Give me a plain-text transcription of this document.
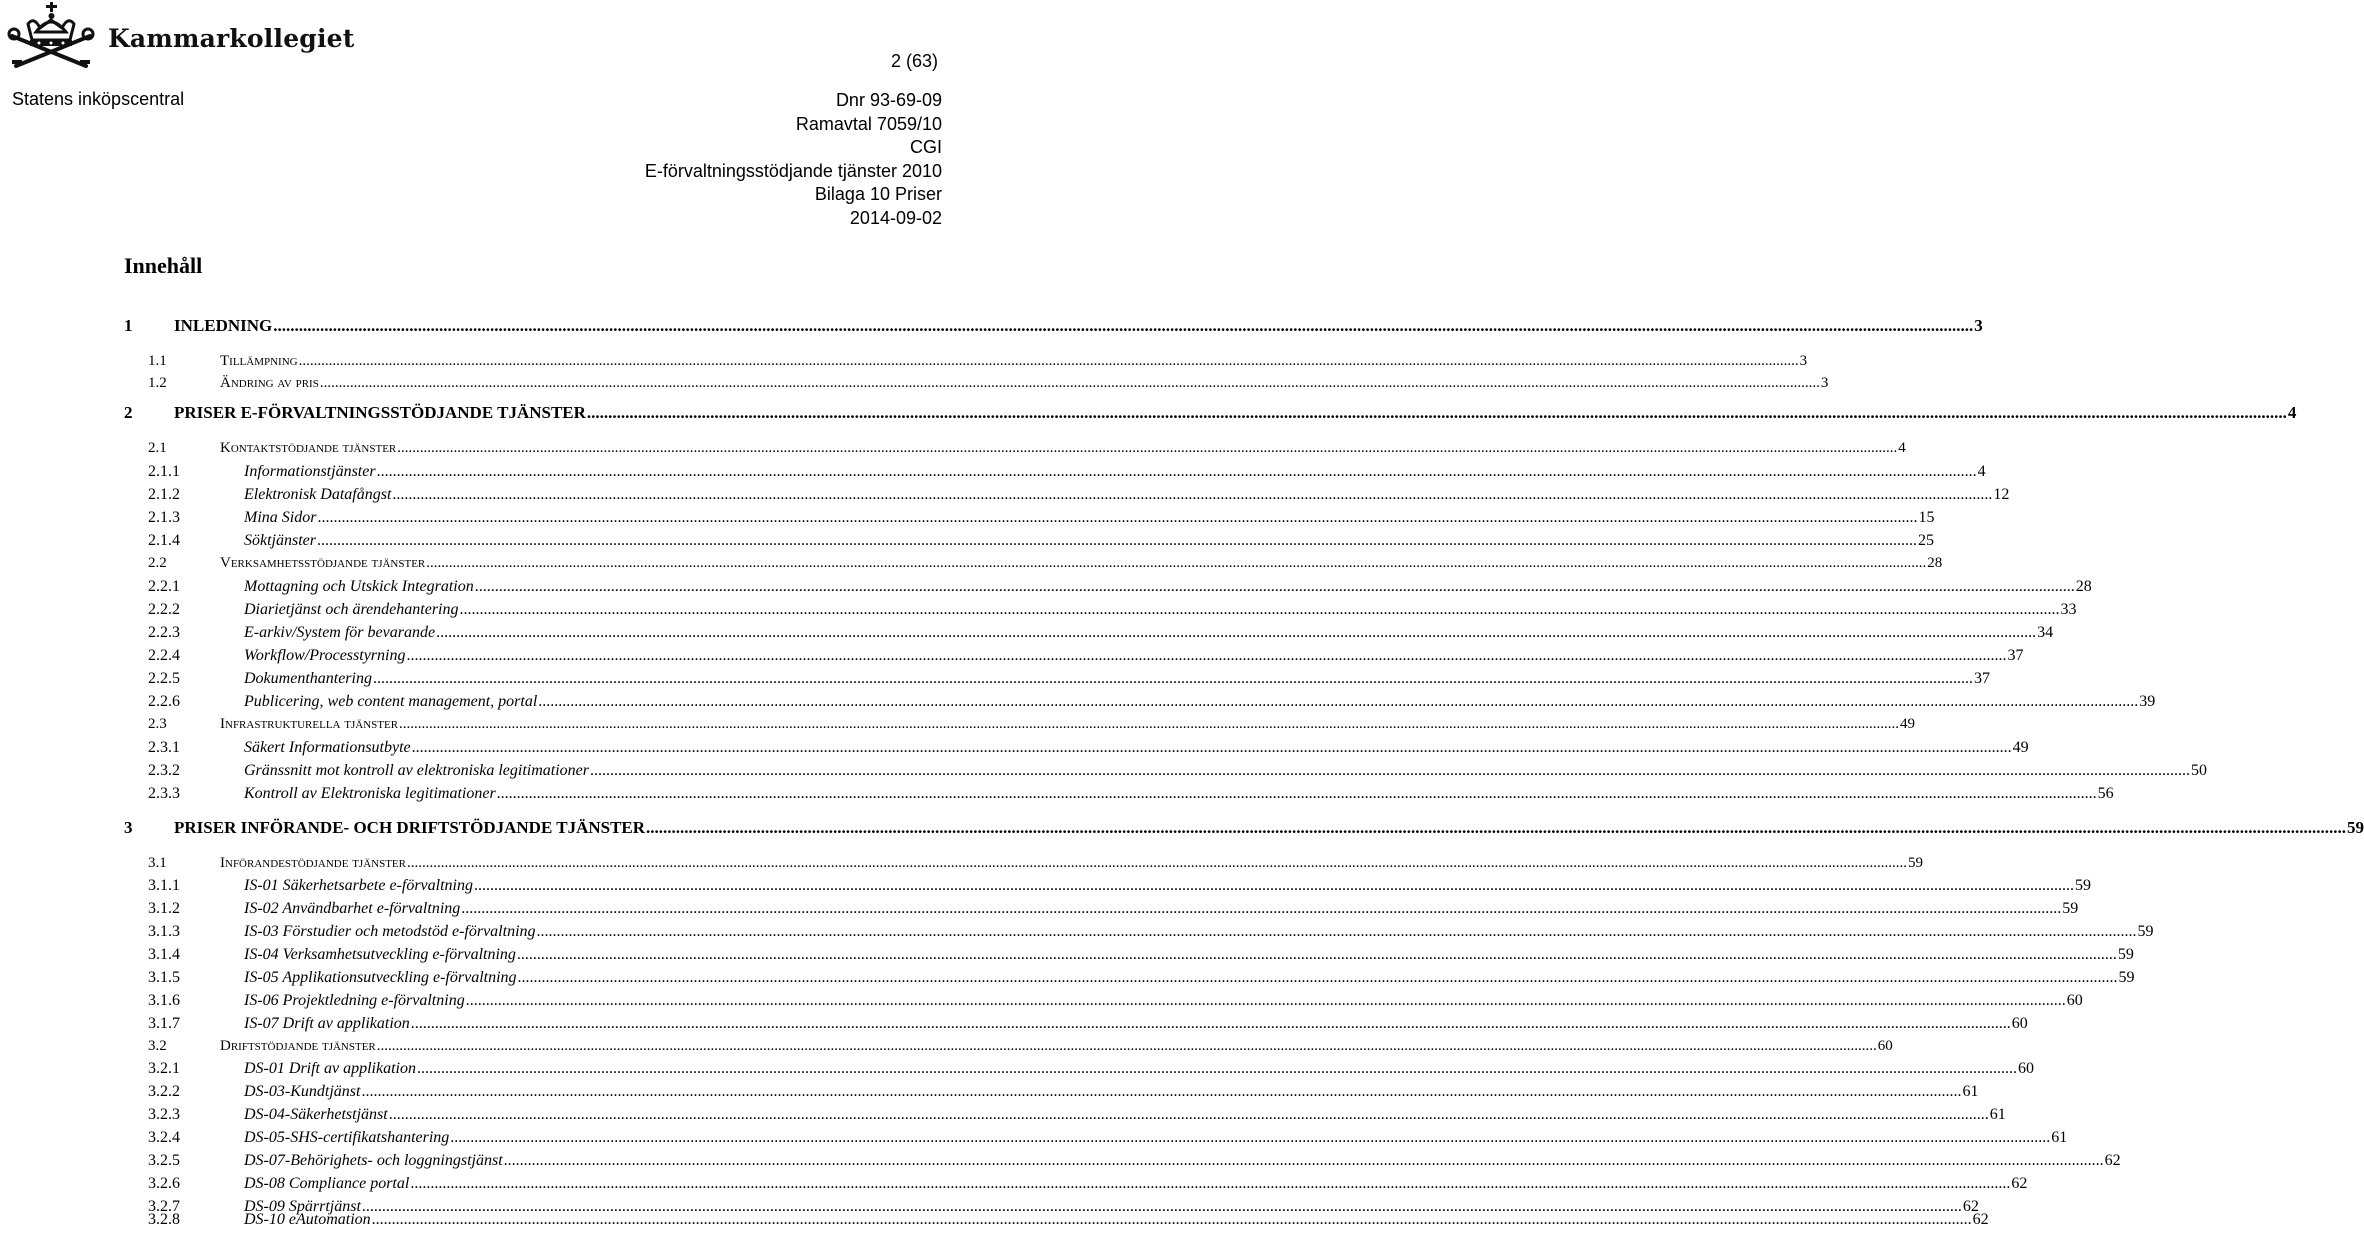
Kammarkollegiet
2 (63)
Statens inköpscentral	Dnr 93-69-09
Ramavtal 7059/10
CGI
E-förvaltningsstödjande tjänster 2010
Bilaga 10 Priser
2014-09-02
Innehåll
1	INLEDNING ................................................................................................................................................................................................................................................................................................................................................................................................................ 3
1.1	Tillämpning ................................................................................................................................................................................................................................................................................................................................................................................................................ 3
1.2	Ändring av pris ................................................................................................................................................................................................................................................................................................................................................................................................................ 3
2	PRISER E-FÖRVALTNINGSSTÖDJANDE TJÄNSTER ................................................................................................................................................................................................................................................................................................................................................................................................................ 4
2.1	Kontaktstödjande tjänster ................................................................................................................................................................................................................................................................................................................................................................................................................ 4
2.1.1	Informationstjänster ................................................................................................................................................................................................................................................................................................................................................................................................................ 4
2.1.2	Elektronisk Datafångst ................................................................................................................................................................................................................................................................................................................................................................................................................ 12
2.1.3	Mina Sidor ................................................................................................................................................................................................................................................................................................................................................................................................................ 15
2.1.4	Söktjänster ................................................................................................................................................................................................................................................................................................................................................................................................................ 25
2.2	Verksamhetsstödjande tjänster ................................................................................................................................................................................................................................................................................................................................................................................................................ 28
2.2.1	Mottagning och Utskick Integration ................................................................................................................................................................................................................................................................................................................................................................................................................ 28
2.2.2	Diarietjänst och ärendehantering ................................................................................................................................................................................................................................................................................................................................................................................................................ 33
2.2.3	E-arkiv/System för bevarande ................................................................................................................................................................................................................................................................................................................................................................................................................ 34
2.2.4	Workflow/Processtyrning ................................................................................................................................................................................................................................................................................................................................................................................................................ 37
2.2.5	Dokumenthantering ................................................................................................................................................................................................................................................................................................................................................................................................................ 37
2.2.6	Publicering, web content management, portal ................................................................................................................................................................................................................................................................................................................................................................................................................ 39
2.3	Infrastrukturella tjänster ................................................................................................................................................................................................................................................................................................................................................................................................................ 49
2.3.1	Säkert Informationsutbyte ................................................................................................................................................................................................................................................................................................................................................................................................................ 49
2.3.2	Gränssnitt mot kontroll av elektroniska legitimationer ................................................................................................................................................................................................................................................................................................................................................................................................................ 50
2.3.3	Kontroll av Elektroniska legitimationer ................................................................................................................................................................................................................................................................................................................................................................................................................ 56
3	PRISER INFÖRANDE- OCH DRIFTSTÖDJANDE TJÄNSTER ................................................................................................................................................................................................................................................................................................................................................................................................................ 59
3.1	Införandestödjande tjänster ................................................................................................................................................................................................................................................................................................................................................................................................................ 59
3.1.1	IS-01 Säkerhetsarbete e-förvaltning ................................................................................................................................................................................................................................................................................................................................................................................................................ 59
3.1.2	IS-02 Användbarhet e-förvaltning ................................................................................................................................................................................................................................................................................................................................................................................................................ 59
3.1.3	IS-03 Förstudier och metodstöd e-förvaltning ................................................................................................................................................................................................................................................................................................................................................................................................................ 59
3.1.4	IS-04 Verksamhetsutveckling e-förvaltning ................................................................................................................................................................................................................................................................................................................................................................................................................ 59
3.1.5	IS-05 Applikationsutveckling e-förvaltning ................................................................................................................................................................................................................................................................................................................................................................................................................ 59
3.1.6	IS-06 Projektledning e-förvaltning ................................................................................................................................................................................................................................................................................................................................................................................................................ 60
3.1.7	IS-07 Drift av applikation ................................................................................................................................................................................................................................................................................................................................................................................................................ 60
3.2	Driftstödjande tjänster ................................................................................................................................................................................................................................................................................................................................................................................................................ 60
3.2.1	DS-01 Drift av applikation ................................................................................................................................................................................................................................................................................................................................................................................................................ 60
3.2.2	DS-03-Kundtjänst ................................................................................................................................................................................................................................................................................................................................................................................................................ 61
3.2.3	DS-04-Säkerhetstjänst ................................................................................................................................................................................................................................................................................................................................................................................................................ 61
3.2.4	DS-05-SHS-certifikatshantering ................................................................................................................................................................................................................................................................................................................................................................................................................ 61
3.2.5	DS-07-Behörighets- och loggningstjänst ................................................................................................................................................................................................................................................................................................................................................................................................................ 62
3.2.6	DS-08 Compliance portal ................................................................................................................................................................................................................................................................................................................................................................................................................ 62
3.2.7	DS-09 Spärrtjänst ................................................................................................................................................................................................................................................................................................................................................................................................................ 62
3.2.8	DS-10 eAutomation ................................................................................................................................................................................................................................................................................................................................................................................................................ 62
